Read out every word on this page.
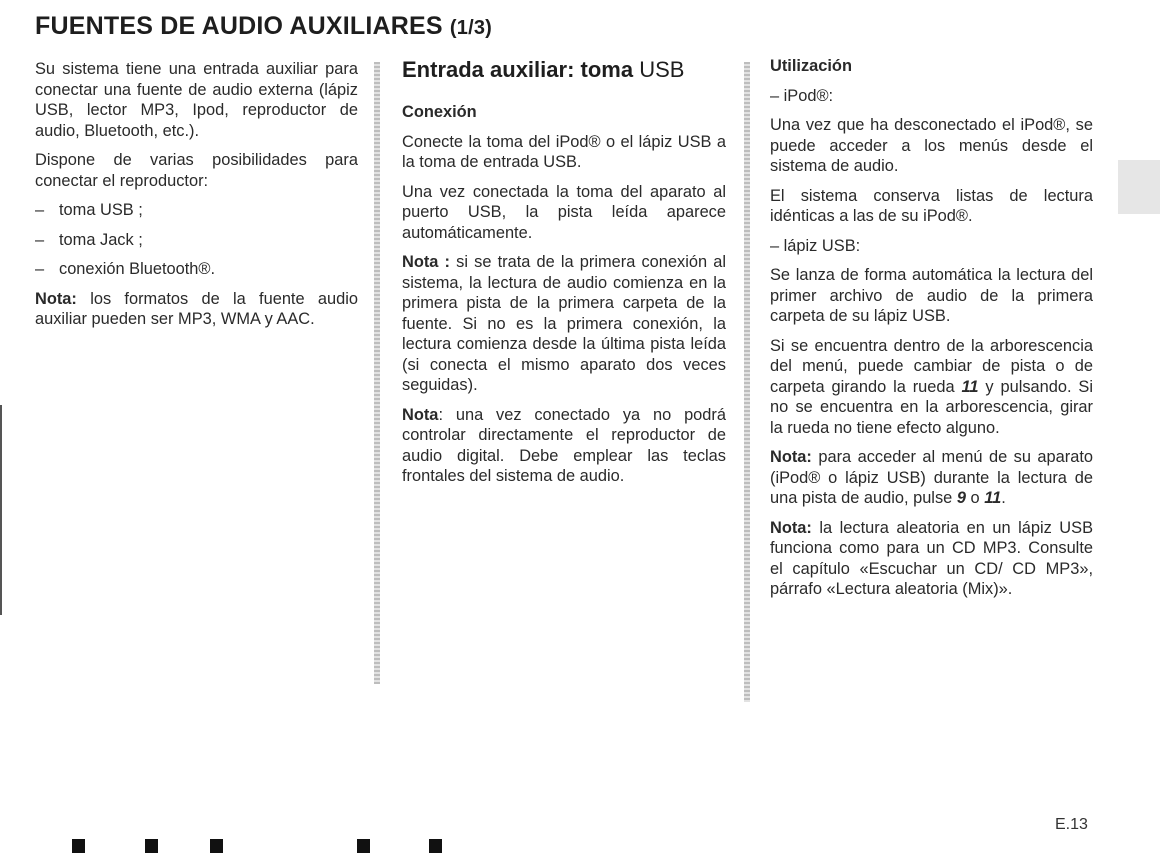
FUENTES DE AUDIO AUXILIARES (1/3)

Su sistema tiene una entrada auxiliar para conectar una fuente de audio externa (lápiz USB, lector MP3, Ipod, reproductor de audio, Bluetooth, etc.).

Dispone de varias posibilidades para conectar el reproductor:

– toma USB ;
– toma Jack ;
– conexión Bluetooth®.

Nota: los formatos de la fuente audio auxiliar pueden ser MP3, WMA y AAC.

Entrada auxiliar: toma USB

Conexión

Conecte la toma del iPod® o el lápiz USB a la toma de entrada USB.

Una vez conectada la toma del aparato al puerto USB, la pista leída aparece automáticamente.

Nota : si se trata de la primera conexión al sistema, la lectura de audio comienza en la primera pista de la primera carpeta de la fuente. Si no es la primera conexión, la lectura comienza desde la última pista leída (si conecta el mismo aparato dos veces seguidas).

Nota: una vez conectado ya no podrá controlar directamente el reproductor de audio digital. Debe emplear las teclas frontales del sistema de audio.

Utilización

– iPod®:

Una vez que ha desconectado el iPod®, se puede acceder a los menús desde el sistema de audio.

El sistema conserva listas de lectura idénticas a las de su iPod®.

– lápiz USB:

Se lanza de forma automática la lectura del primer archivo de audio de la primera carpeta de su lápiz USB.

Si se encuentra dentro de la arborescencia del menú, puede cambiar de pista o de carpeta girando la rueda 11 y pulsando. Si no se encuentra en la arborescencia, girar la rueda no tiene efecto alguno.

Nota: para acceder al menú de su aparato (iPod® o lápiz USB) durante la lectura de una pista de audio, pulse 9 o 11.

Nota: la lectura aleatoria en un lápiz USB funciona como para un CD MP3. Consulte el capítulo «Escuchar un CD/ CD MP3», párrafo «Lectura aleatoria (Mix)».

E.13
